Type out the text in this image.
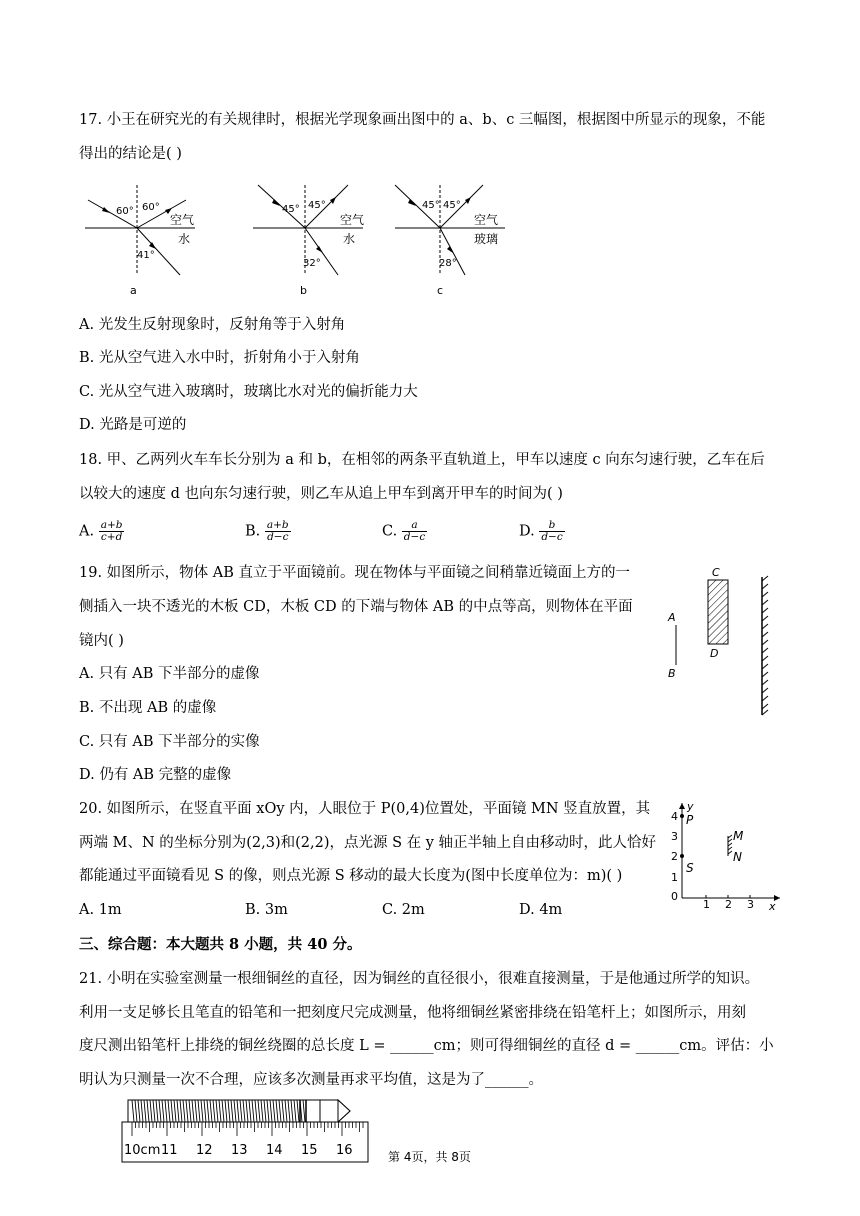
17. 小王在研究光的有关规律时，根据光学现象画出图中的 a、b、c 三幅图，根据图中所显示的现象，不能
得出的结论是( )
60° 60°
41°
空气
水
a
45° 45°
32°
空气
水
b
45° 45°
28°
空气
玻璃
c
A. 光发生反射现象时，反射角等于入射角
B. 光从空气进入水中时，折射角小于入射角
C. 光从空气进入玻璃时，玻璃比水对光的偏折能力大
D. 光路是可逆的
18. 甲、乙两列火车车长分别为 a 和 b，在相邻的两条平直轨道上，甲车以速度 c 向东匀速行驶，乙车在后
以较大的速度 d 也向东匀速行驶，则乙车从追上甲车到离开甲车的时间为( )
A. $\frac{a+b}{c+d}$	B. $\frac{a+b}{d-c}$	C. $\frac{a}{d-c}$	D. $\frac{b}{d-c}$
19. 如图所示，物体 AB 直立于平面镜前。现在物体与平面镜之间稍靠近镜面上方的一
侧插入一块不透光的木板 CD，木板 CD 的下端与物体 AB 的中点等高，则物体在平面
镜内( )
A. 只有 AB 下半部分的虚像
B. 不出现 AB 的虚像
C. 只有 AB 下半部分的实像
D. 仍有 AB 完整的虚像
A
B
C
D
20. 如图所示，在竖直平面 xOy 内，人眼位于 P(0,4)位置处，平面镜 MN 竖直放置，其
两端 M、N 的坐标分别为(2,3)和(2,2)，点光源 S 在 y 轴正半轴上自由移动时，此人恰好
都能通过平面镜看见 S 的像，则点光源 S 移动的最大长度为(图中长度单位为：m)( )
A. 1m	B. 3m	C. 2m	D. 4m
y
x
0
1 2 3
1
2
3
4 P
S
M
N
三、综合题：本大题共 8 小题，共 40 分。
21. 小明在实验室测量一根细铜丝的直径，因为铜丝的直径很小，很难直接测量，于是他通过所学的知识。
利用一支足够长且笔直的铅笔和一把刻度尺完成测量，他将细铜丝紧密排绕在铅笔杆上；如图所示，用刻
度尺测出铅笔杆上排绕的铜丝绕圈的总长度 L = ______cm；则可得细铜丝的直径 d = ______cm。评估：小
明认为只测量一次不合理，应该多次测量再求平均值，这是为了______。
10cm 11 12 13 14 15 16	第 4页，共 8页
